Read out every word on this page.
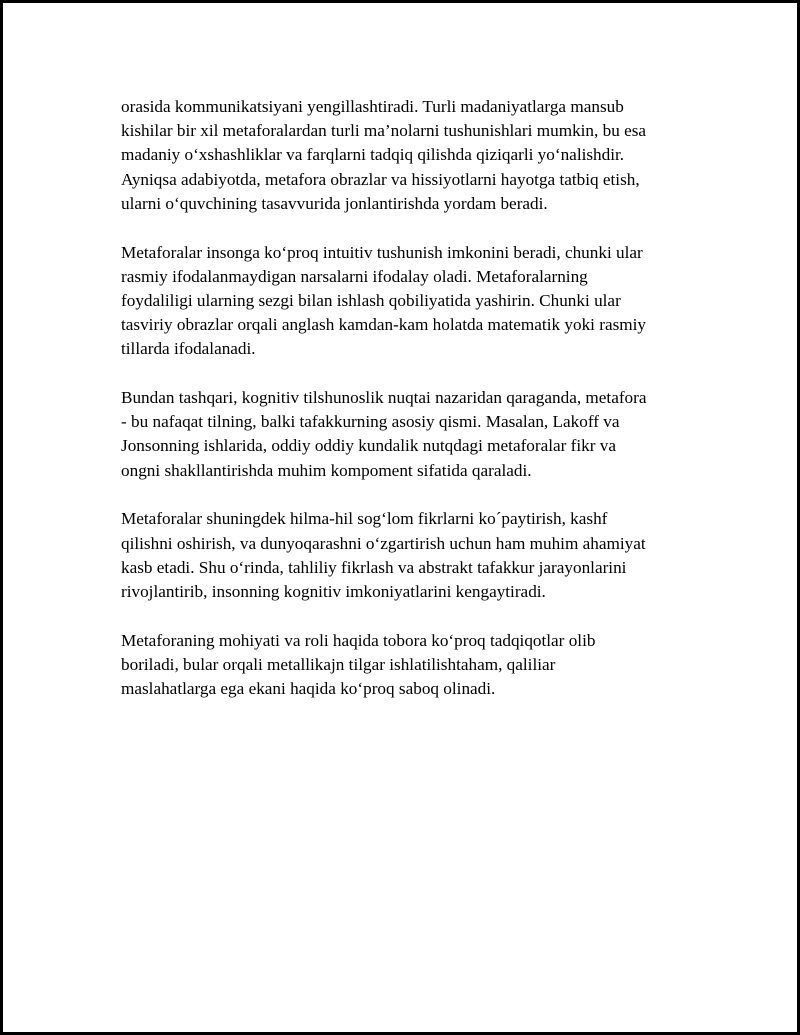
orasida kommunikatsiyani yengillashtiradi. Turli madaniyatlarga mansub
kishilar bir xil metaforalardan turli ma’nolarni tushunishlari mumkin, bu esa
madaniy oʻxshashliklar va farqlarni tadqiq qilishda qiziqarli yoʻnalishdir.
Ayniqsa adabiyotda, metafora obrazlar va hissiyotlarni hayotga tatbiq etish,
ularni oʻquvchining tasavvurida jonlantirishda yordam beradi.

Metaforalar insonga koʻproq intuitiv tushunish imkonini beradi, chunki ular
rasmiy ifodalanmaydigan narsalarni ifodalay oladi. Metaforalarning
foydaliligi ularning sezgi bilan ishlash qobiliyatida yashirin. Chunki ular
tasviriy obrazlar orqali anglash kamdan-kam holatda matematik yoki rasmiy
tillarda ifodalanadi.

Bundan tashqari, kognitiv tilshunoslik nuqtai nazaridan qaraganda, metafora
- bu nafaqat tilning, balki tafakkurning asosiy qismi. Masalan, Lakoff va
Jonsonning ishlarida, oddiy oddiy kundalik nutqdagi metaforalar fikr va
ongni shakllantirishda muhim kompoment sifatida qaraladi.

Metaforalar shuningdek hilma-hil sogʻlom fikrlarni koˊpaytirish, kashf
qilishni oshirish, va dunyoqarashni oʻzgartirish uchun ham muhim ahamiyat
kasb etadi. Shu oʻrinda, tahliliy fikrlash va abstrakt tafakkur jarayonlarini
rivojlantirib, insonning kognitiv imkoniyatlarini kengaytiradi.

Metaforaning mohiyati va roli haqida tobora koʻproq tadqiqotlar olib
boriladi, bular orqali metallikajn tilgar ishlatilishtaham, qaliliar
maslahatlarga ega ekani haqida koʻproq saboq olinadi.
